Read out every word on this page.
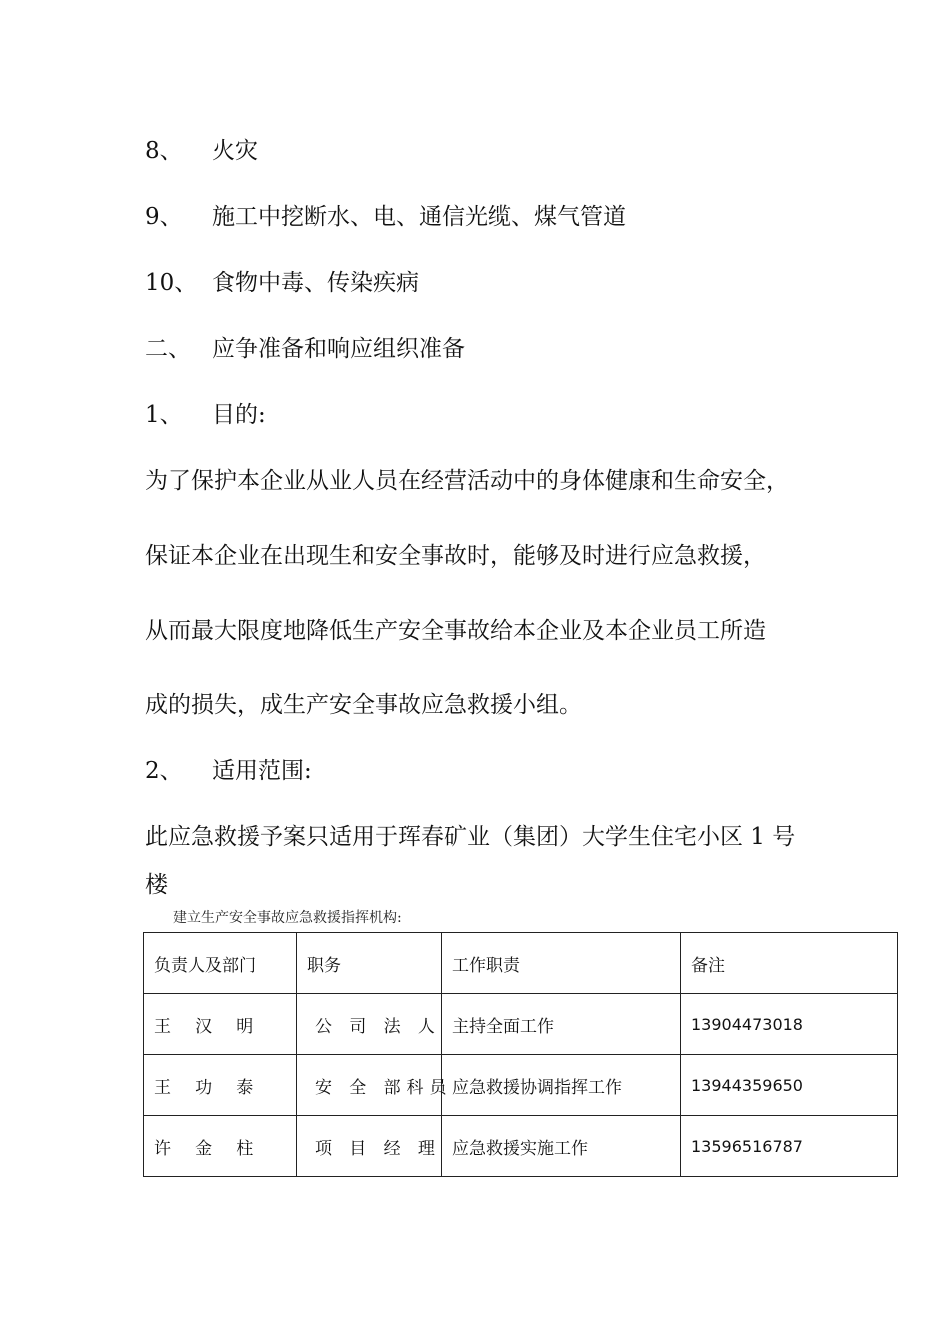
8、 火灾
9、 施工中挖断水、电、通信光缆、煤气管道
10、 食物中毒、传染疾病
二、 应争准备和响应组织准备
1、 目的:
为了保护本企业从业人员在经营活动中的身体健康和生命安全，
保证本企业在出现生和安全事故时，能够及时进行应急救援，
从而最大限度地降低生产安全事故给本企业及本企业员工所造
成的损失，成生产安全事故应急救援小组。
2、 适用范围:
此应急救援予案只适用于珲春矿业（集团）大学生住宅小区 1 号
楼
建立生产安全事故应急救援指挥机构:
负责人及部门	职务	工作职责	备注
王 汉 明	公 司 法 人	主持全面工作	13904473018
王 功 泰	安 全 部科员	应急救援协调指挥工作	13944359650
许 金 柱	项 目 经 理	应急救援实施工作	13596516787
